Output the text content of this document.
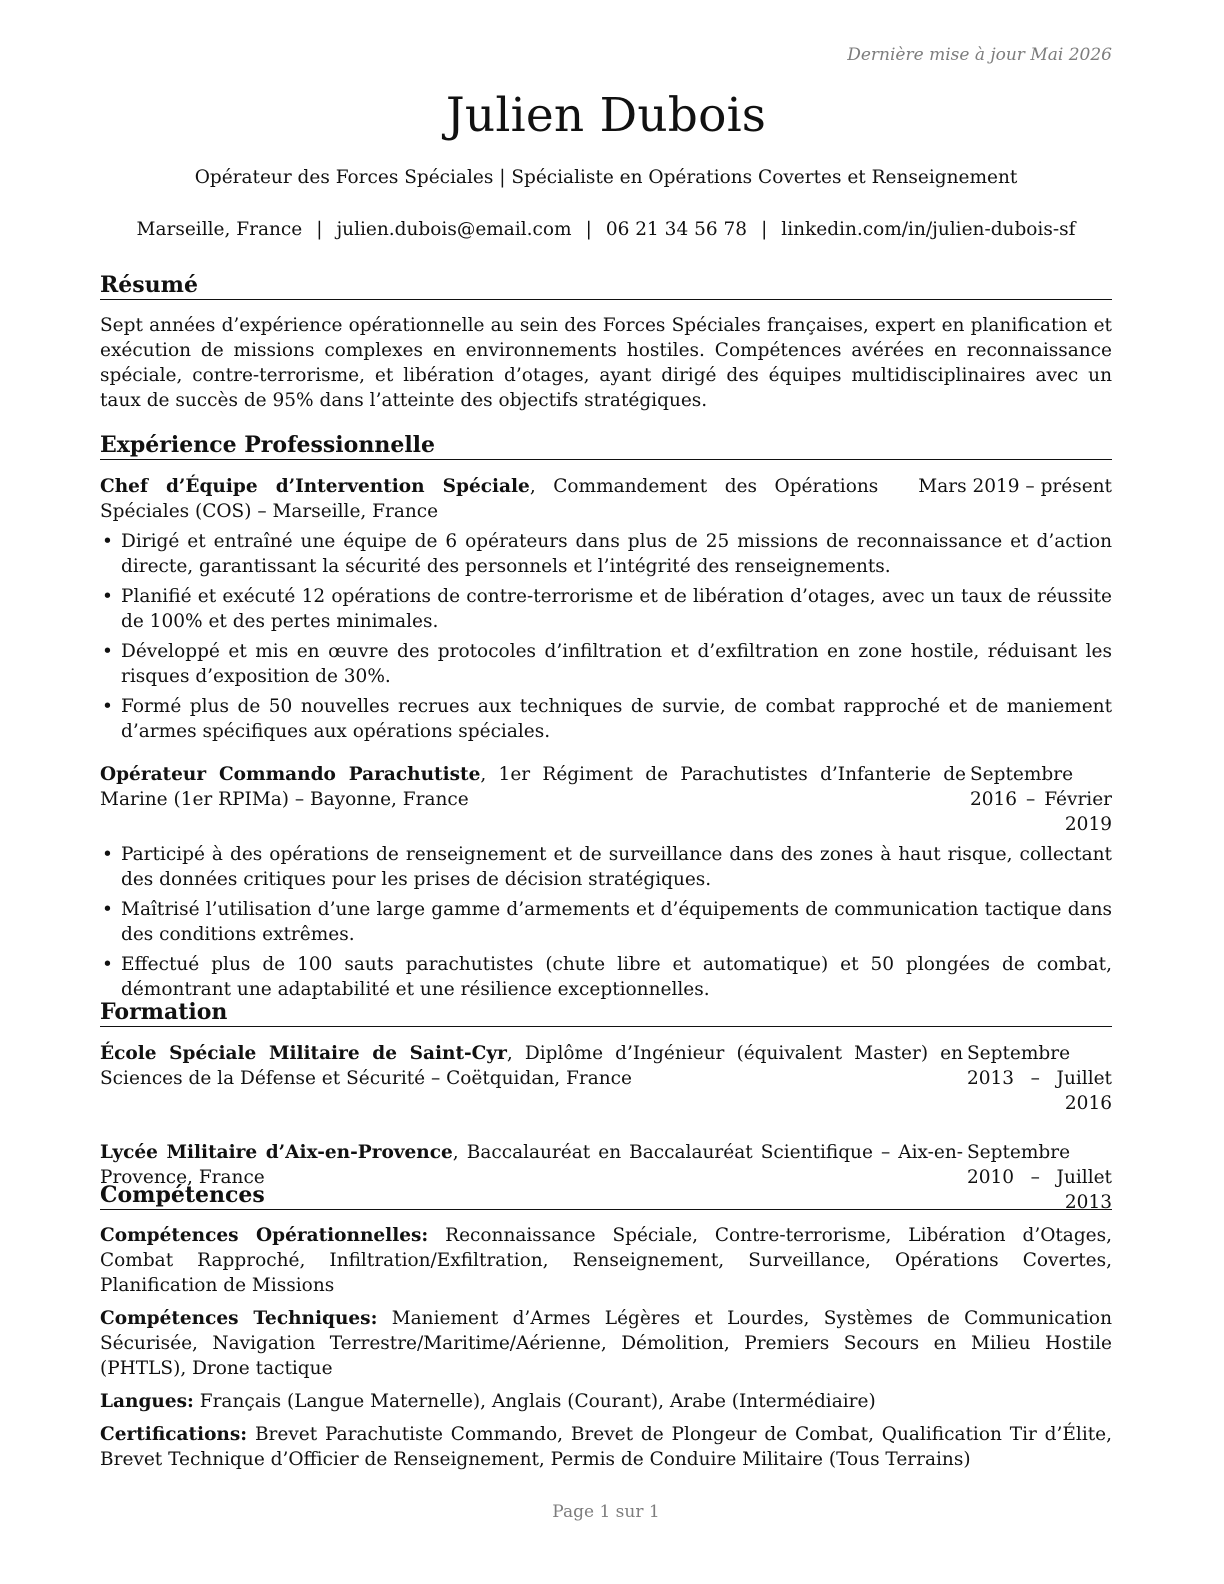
Dernière mise à jour Mai 2026
Julien Dubois
Opérateur des Forces Spéciales | Spécialiste en Opérations Covertes et Renseignement
Marseille, France | julien.dubois@email.com | 06 21 34 56 78 | linkedin.com/in/julien-dubois-sf
Résumé
Sept années d’expérience opérationnelle au sein des Forces Spéciales françaises, expert en planification et exécution de missions complexes en environnements hostiles. Compétences avérées en reconnaissance spéciale, contre-terrorisme, et libération d’otages, ayant dirigé des équipes multidisciplinaires avec un taux de succès de 95% dans l’atteinte des objectifs stratégiques.
Expérience Professionnelle
Chef d’Équipe d’Intervention Spéciale, Commandement des Opérations Spéciales (COS) – Marseille, France
Mars 2019 – présent
• Dirigé et entraîné une équipe de 6 opérateurs dans plus de 25 missions de reconnaissance et d’action directe, garantissant la sécurité des personnels et l’intégrité des renseignements.
• Planifié et exécuté 12 opérations de contre-terrorisme et de libération d’otages, avec un taux de réussite de 100% et des pertes minimales.
• Développé et mis en œuvre des protocoles d’infiltration et d’exfiltration en zone hostile, réduisant les risques d’exposition de 30%.
• Formé plus de 50 nouvelles recrues aux techniques de survie, de combat rapproché et de maniement d’armes spécifiques aux opérations spéciales.
Opérateur Commando Parachutiste, 1er Régiment de Parachutistes d’Infanterie de Marine (1er RPIMa) – Bayonne, France
Septembre 2016 – Février 2019
• Participé à des opérations de renseignement et de surveillance dans des zones à haut risque, collectant des données critiques pour les prises de décision stratégiques.
• Maîtrisé l’utilisation d’une large gamme d’armements et d’équipements de communication tactique dans des conditions extrêmes.
• Effectué plus de 100 sauts parachutistes (chute libre et automatique) et 50 plongées de combat, démontrant une adaptabilité et une résilience exceptionnelles.
Formation
École Spéciale Militaire de Saint-Cyr, Diplôme d’Ingénieur (équivalent Master) en Sciences de la Défense et Sécurité – Coëtquidan, France
Septembre 2013 – Juillet 2016
Lycée Militaire d’Aix-en-Provence, Baccalauréat en Baccalauréat Scientifique – Aix-en-Provence, France
Septembre 2010 – Juillet 2013
Compétences
Compétences Opérationnelles: Reconnaissance Spéciale, Contre-terrorisme, Libération d’Otages, Combat Rapproché, Infiltration/Exfiltration, Renseignement, Surveillance, Opérations Covertes, Planification de Missions
Compétences Techniques: Maniement d’Armes Légères et Lourdes, Systèmes de Communication Sécurisée, Navigation Terrestre/Maritime/Aérienne, Démolition, Premiers Secours en Milieu Hostile (PHTLS), Drone tactique
Langues: Français (Langue Maternelle), Anglais (Courant), Arabe (Intermédiaire)
Certifications: Brevet Parachutiste Commando, Brevet de Plongeur de Combat, Qualification Tir d’Élite, Brevet Technique d’Officier de Renseignement, Permis de Conduire Militaire (Tous Terrains)
Page 1 sur 1
